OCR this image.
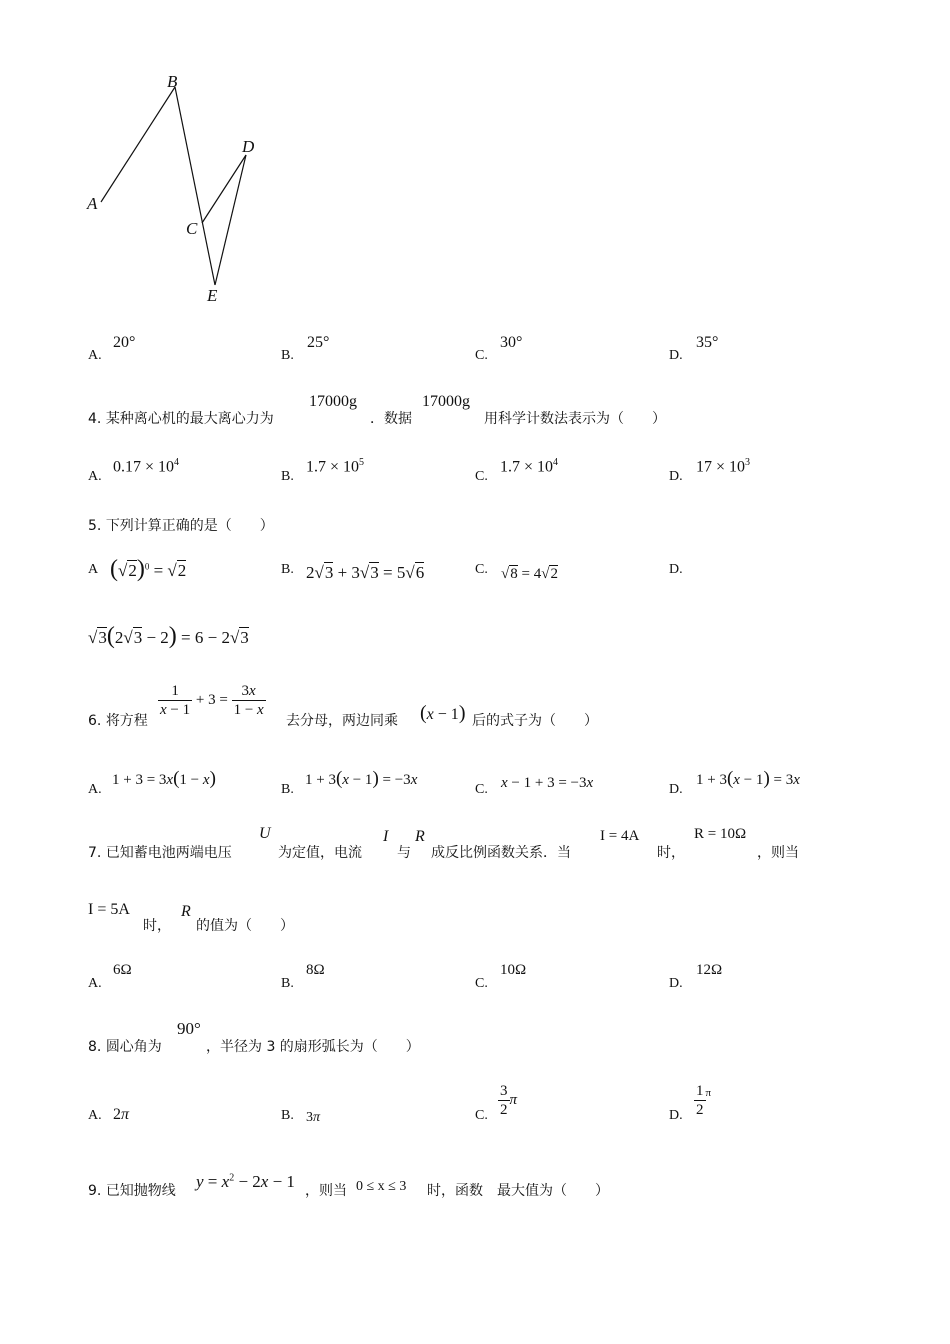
A
B
C
D
E
A.
20°
B.
25°
C.
30°
D.
35°
4. 某种离心机的最大离心力为
17000g
．数据
17000g
用科学计数法表示为（　　）
A.
$0.17 \times 10^4$
B.
$1.7 \times 10^5$
C.
$1.7 \times 10^4$
D.
$17 \times 10^3$
5. 下列计算正确的是（　　）
A $(√2)^0 = √2$	B. 2√3 + 3√3 = 5√6	C. √8 = 4√2	D.
√3(2√3 − 2) = 6 − 2√3
6. 将方程
$\frac{1}{x - 1} + 3 = \frac{3x}{1 - x}$
去分母，两边同乘 (x − 1) 后的式子为（　　）
A.
1 + 3 = 3x(1 − x)
B.
1 + 3(x − 1) = −3x
C. x − 1 + 3 = −3x	D.
1 + 3(x − 1) = 3x
7. 已知蓄电池两端电压
U
为定值，电流
I
与
R
成反比例函数关系．当
I = 4A
时，
R = 10Ω
，则当
I = 5A
时，
R
的值为（　　）
A.
6Ω
B.
8Ω
C.
10Ω
D.
12Ω
8. 圆心角为
90°
，半径为 3 的扇形弧长为（　　）
A. 2π	B. 3π	C. $\frac{3}{2}$ π
D. $\frac{1}{2} ^\pi$
9. 已知抛物线 $y = x^2 - 2x - 1$ ，则当 0 ≤ x ≤ 3 时，函数　最大值为（　　）
